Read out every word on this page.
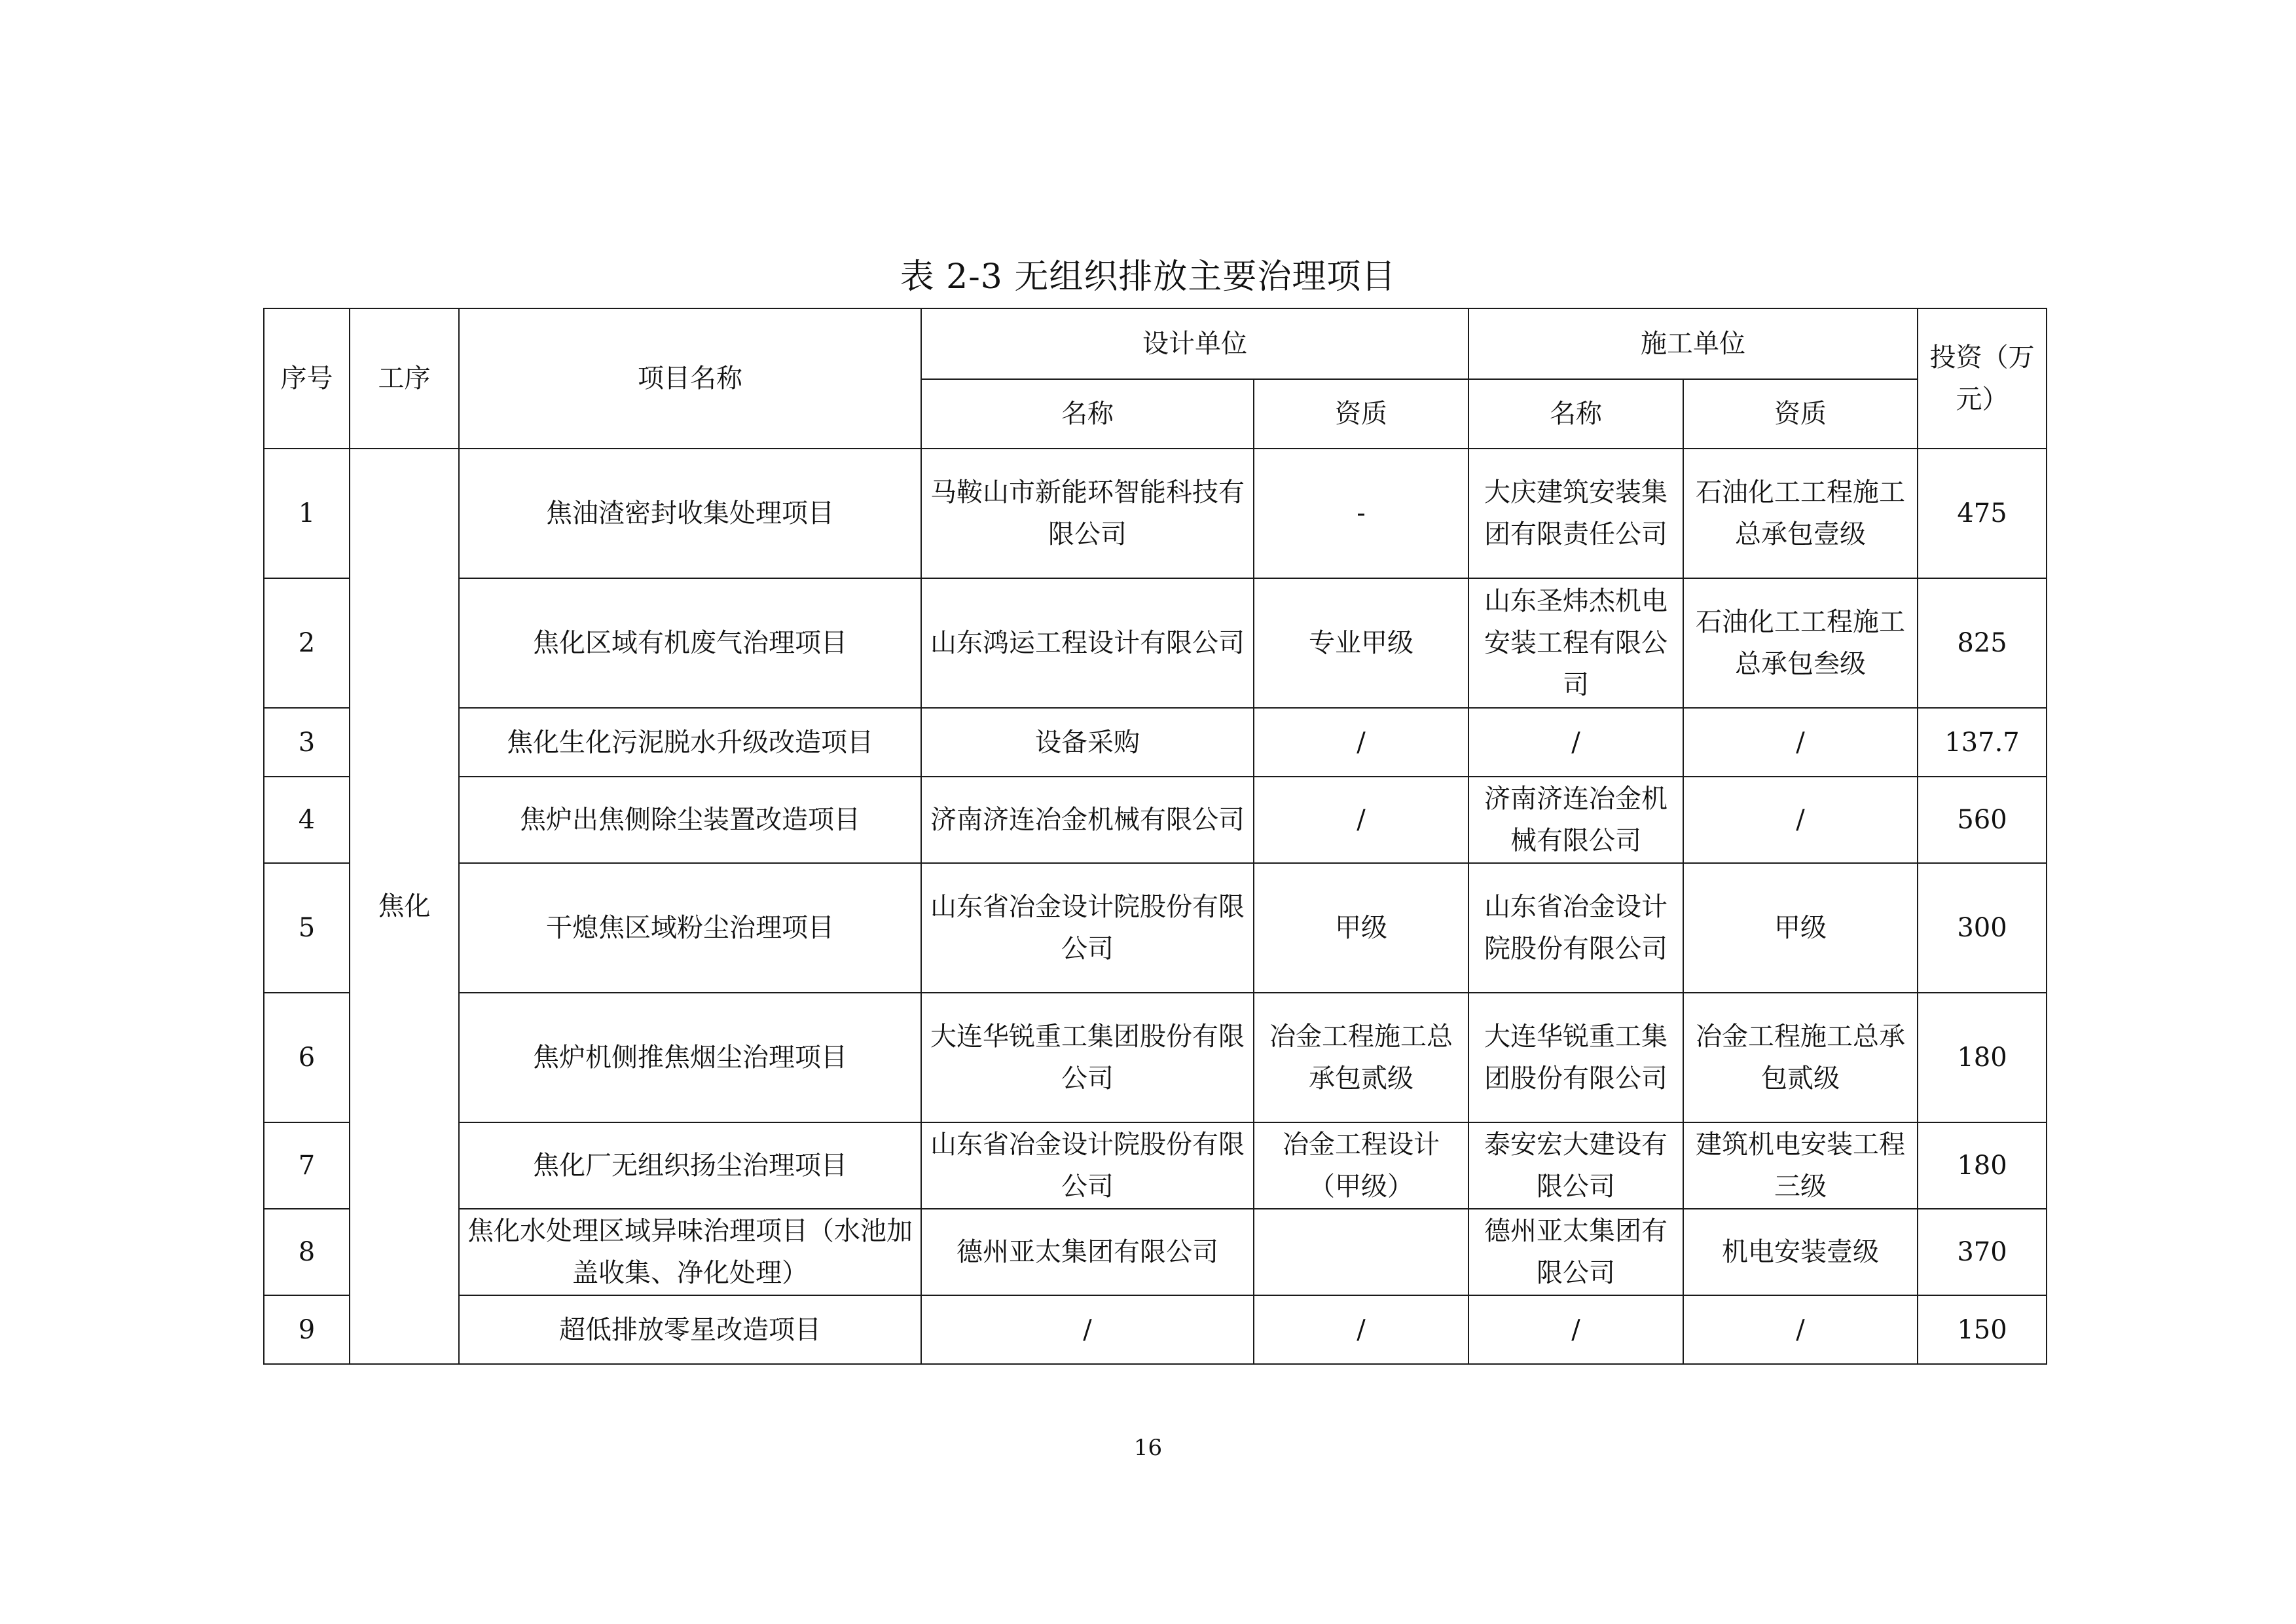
表 2-3 无组织排放主要治理项目
序号	工序	项目名称	设计单位		施工单位		投资（万元）
			名称	资质	名称	资质	
1	焦化	焦油渣密封收集处理项目	马鞍山市新能环智能科技有限公司	-	大庆建筑安装集团有限责任公司	石油化工工程施工总承包壹级	475
2		焦化区域有机废气治理项目	山东鸿运工程设计有限公司	专业甲级	山东圣炜杰机电安装工程有限公司	石油化工工程施工总承包叁级	825
3		焦化生化污泥脱水升级改造项目	设备采购	/	/	/	137.7
4		焦炉出焦侧除尘装置改造项目	济南济连冶金机械有限公司	/	济南济连冶金机械有限公司	/	560
5		干熄焦区域粉尘治理项目	山东省冶金设计院股份有限公司	甲级	山东省冶金设计院股份有限公司	甲级	300
6		焦炉机侧推焦烟尘治理项目	大连华锐重工集团股份有限公司	冶金工程施工总承包贰级	大连华锐重工集团股份有限公司	冶金工程施工总承包贰级	180
7		焦化厂无组织扬尘治理项目	山东省冶金设计院股份有限公司	冶金工程设计（甲级）	泰安宏大建设有限公司	建筑机电安装工程三级	180
8		焦化水处理区域异味治理项目（水池加盖收集、净化处理）	德州亚太集团有限公司		德州亚太集团有限公司	机电安装壹级	370
9		超低排放零星改造项目	/	/	/	/	150
16
